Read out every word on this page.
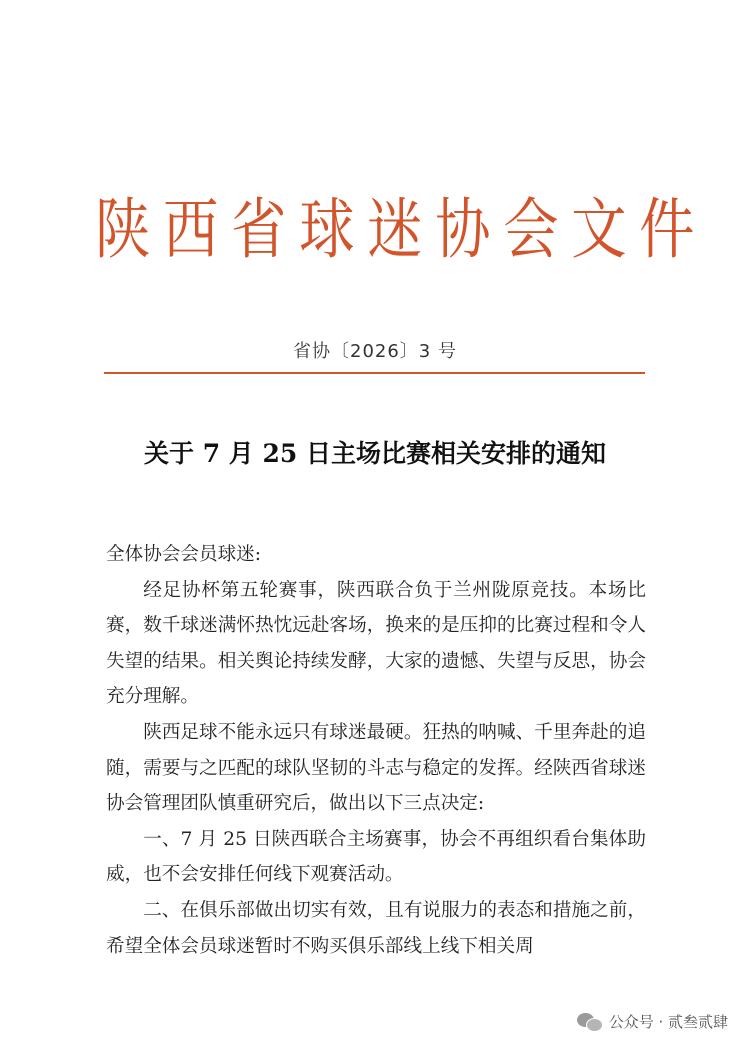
陕 西 省 球 迷 协 会 文 件
省协〔2026〕3 号
关于 7 月 25 日主场比赛相关安排的通知

全体协会会员球迷:

经足协杯第五轮赛事，陕西联合负于兰州陇原竞技。本场比赛，数千球迷满怀热忱远赴客场，换来的是压抑的比赛过程和令人失望的结果。相关舆论持续发酵，大家的遗憾、失望与反思，协会充分理解。

陕西足球不能永远只有球迷最硬。狂热的呐喊、千里奔赴的追随，需要与之匹配的球队坚韧的斗志与稳定的发挥。经陕西省球迷协会管理团队慎重研究后，做出以下三点决定:

一、7 月 25 日陕西联合主场赛事，协会不再组织看台集体助威，也不会安排任何线下观赛活动。

二、在俱乐部做出切实有效，且有说服力的表态和措施之前，希望全体会员球迷暂时不购买俱乐部线上线下相关周

公众号 · 贰叁贰肆
